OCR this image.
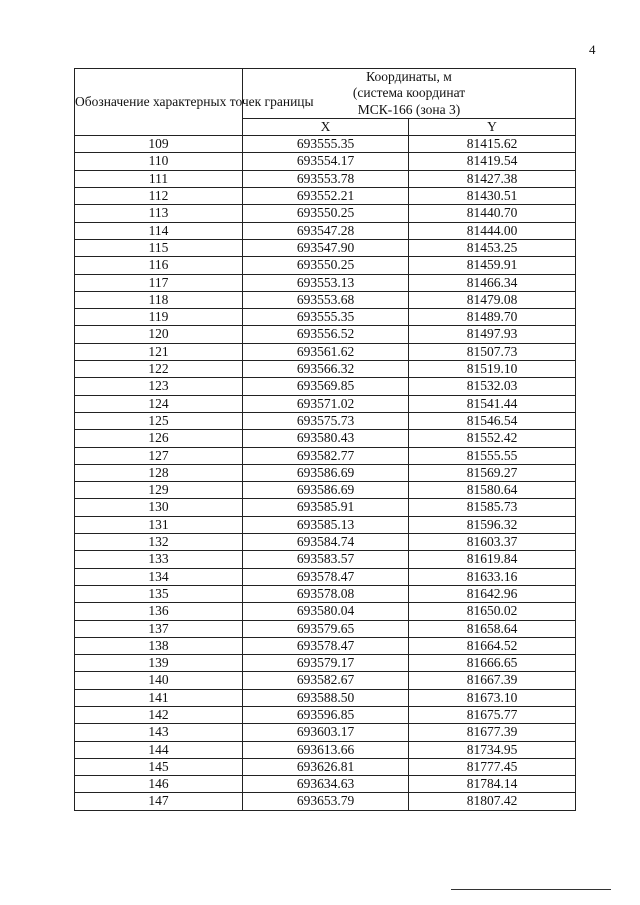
4
Обозначение характерных точек границы	Координаты, м
(система координат
МСК-166 (зона 3)	
	X	Y
109	693555.35	81415.62
110	693554.17	81419.54
111	693553.78	81427.38
112	693552.21	81430.51
113	693550.25	81440.70
114	693547.28	81444.00
115	693547.90	81453.25
116	693550.25	81459.91
117	693553.13	81466.34
118	693553.68	81479.08
119	693555.35	81489.70
120	693556.52	81497.93
121	693561.62	81507.73
122	693566.32	81519.10
123	693569.85	81532.03
124	693571.02	81541.44
125	693575.73	81546.54
126	693580.43	81552.42
127	693582.77	81555.55
128	693586.69	81569.27
129	693586.69	81580.64
130	693585.91	81585.73
131	693585.13	81596.32
132	693584.74	81603.37
133	693583.57	81619.84
134	693578.47	81633.16
135	693578.08	81642.96
136	693580.04	81650.02
137	693579.65	81658.64
138	693578.47	81664.52
139	693579.17	81666.65
140	693582.67	81667.39
141	693588.50	81673.10
142	693596.85	81675.77
143	693603.17	81677.39
144	693613.66	81734.95
145	693626.81	81777.45
146	693634.63	81784.14
147	693653.79	81807.42
